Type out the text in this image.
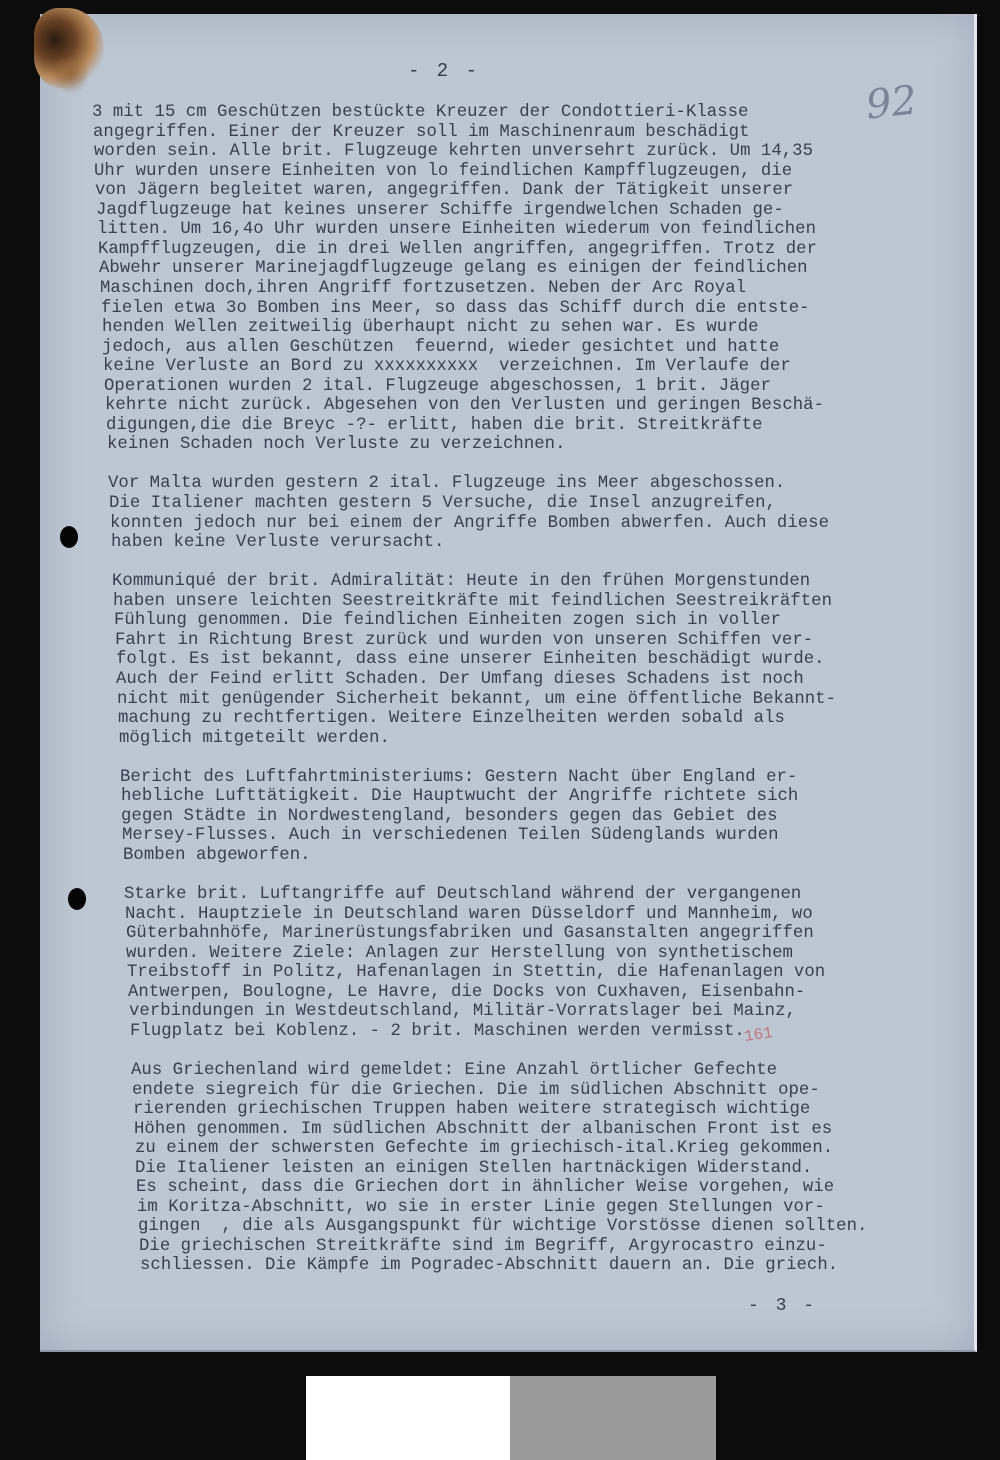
- 2 -
92
161
3 mit 15 cm Geschützen bestückte Kreuzer der Condottieri-Klasse
angegriffen. Einer der Kreuzer soll im Maschinenraum beschädigt
worden sein. Alle brit. Flugzeuge kehrten unversehrt zurück. Um 14,35
Uhr wurden unsere Einheiten von lo feindlichen Kampfflugzeugen, die
von Jägern begleitet waren, angegriffen. Dank der Tätigkeit unserer
Jagdflugzeuge hat keines unserer Schiffe irgendwelchen Schaden ge-
litten. Um 16,4o Uhr wurden unsere Einheiten wiederum von feindlichen
Kampfflugzeugen, die in drei Wellen angriffen, angegriffen. Trotz der
Abwehr unserer Marinejagdflugzeuge gelang es einigen der feindlichen
Maschinen doch,ihren Angriff fortzusetzen. Neben der Arc Royal
fielen etwa 3o Bomben ins Meer, so dass das Schiff durch die entste-
henden Wellen zeitweilig überhaupt nicht zu sehen war. Es wurde
jedoch, aus allen Geschützen  feuernd, wieder gesichtet und hatte
keine Verluste an Bord zu xxxxxxxxxx  verzeichnen. Im Verlaufe der
Operationen wurden 2 ital. Flugzeuge abgeschossen, 1 brit. Jäger
kehrte nicht zurück. Abgesehen von den Verlusten und geringen Beschä-
digungen,die die Breyc -?- erlitt, haben die brit. Streitkräfte
keinen Schaden noch Verluste zu verzeichnen.
Vor Malta wurden gestern 2 ital. Flugzeuge ins Meer abgeschossen.
Die Italiener machten gestern 5 Versuche, die Insel anzugreifen,
konnten jedoch nur bei einem der Angriffe Bomben abwerfen. Auch diese
haben keine Verluste verursacht.
Kommuniqué der brit. Admiralität: Heute in den frühen Morgenstunden
haben unsere leichten Seestreitkräfte mit feindlichen Seestreikräften
Fühlung genommen. Die feindlichen Einheiten zogen sich in voller
Fahrt in Richtung Brest zurück und wurden von unseren Schiffen ver-
folgt. Es ist bekannt, dass eine unserer Einheiten beschädigt wurde.
Auch der Feind erlitt Schaden. Der Umfang dieses Schadens ist noch
nicht mit genügender Sicherheit bekannt, um eine öffentliche Bekannt-
machung zu rechtfertigen. Weitere Einzelheiten werden sobald als
möglich mitgeteilt werden.
Bericht des Luftfahrtministeriums: Gestern Nacht über England er-
hebliche Lufttätigkeit. Die Hauptwucht der Angriffe richtete sich
gegen Städte in Nordwestengland, besonders gegen das Gebiet des
Mersey-Flusses. Auch in verschiedenen Teilen Südenglands wurden
Bomben abgeworfen.
Starke brit. Luftangriffe auf Deutschland während der vergangenen
Nacht. Hauptziele in Deutschland waren Düsseldorf und Mannheim, wo
Güterbahnhöfe, Marinerüstungsfabriken und Gasanstalten angegriffen
wurden. Weitere Ziele: Anlagen zur Herstellung von synthetischem
Treibstoff in Politz, Hafenanlagen in Stettin, die Hafenanlagen von
Antwerpen, Boulogne, Le Havre, die Docks von Cuxhaven, Eisenbahn-
verbindungen in Westdeutschland, Militär-Vorratslager bei Mainz,
Flugplatz bei Koblenz. - 2 brit. Maschinen werden vermisst.
Aus Griechenland wird gemeldet: Eine Anzahl örtlicher Gefechte
endete siegreich für die Griechen. Die im südlichen Abschnitt ope-
rierenden griechischen Truppen haben weitere strategisch wichtige
Höhen genommen. Im südlichen Abschnitt der albanischen Front ist es
zu einem der schwersten Gefechte im griechisch-ital.Krieg gekommen.
Die Italiener leisten an einigen Stellen hartnäckigen Widerstand.
Es scheint, dass die Griechen dort in ähnlicher Weise vorgehen, wie
im Koritza-Abschnitt, wo sie in erster Linie gegen Stellungen vor-
gingen  , die als Ausgangspunkt für wichtige Vorstösse dienen sollten.
Die griechischen Streitkräfte sind im Begriff, Argyrocastro einzu-
schliessen. Die Kämpfe im Pogradec-Abschnitt dauern an. Die griech.
- 3 -
